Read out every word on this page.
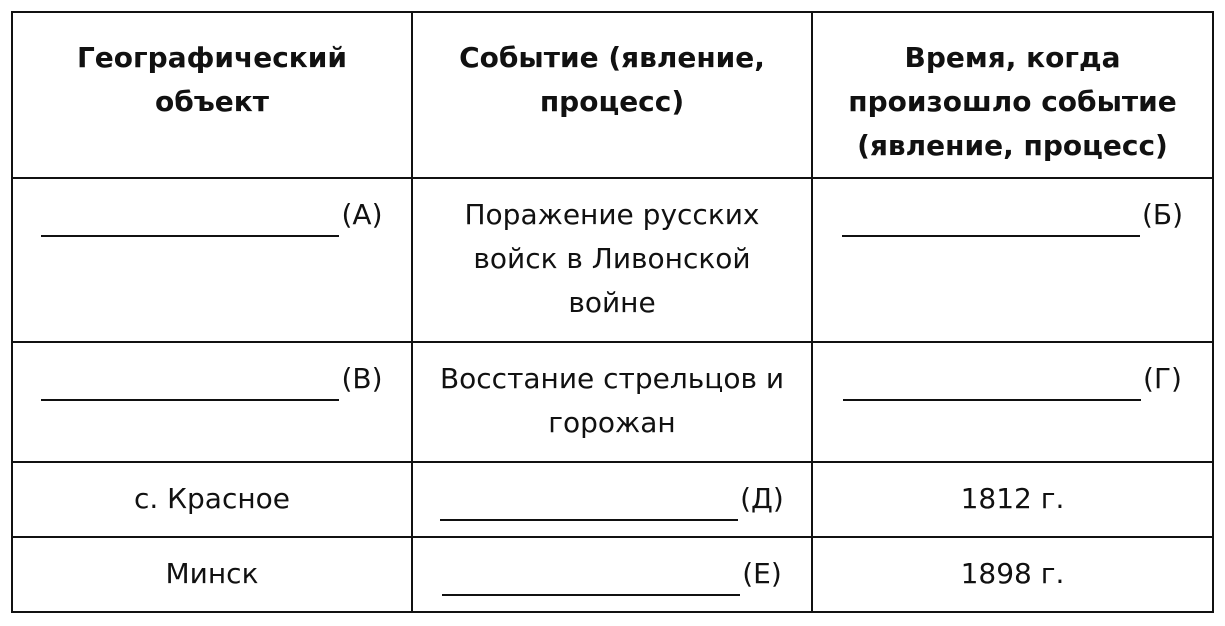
Географический объект	Событие (явление, процесс)	Время, когда произошло событие (явление, процесс)

(А)	Поражение русских войск в Ливонской войне	(Б)

(В)	Восстание стрельцов и горожан	(Г)

с. Красное	(Д)	1812 г.
Минск	(Е)	1898 г.
